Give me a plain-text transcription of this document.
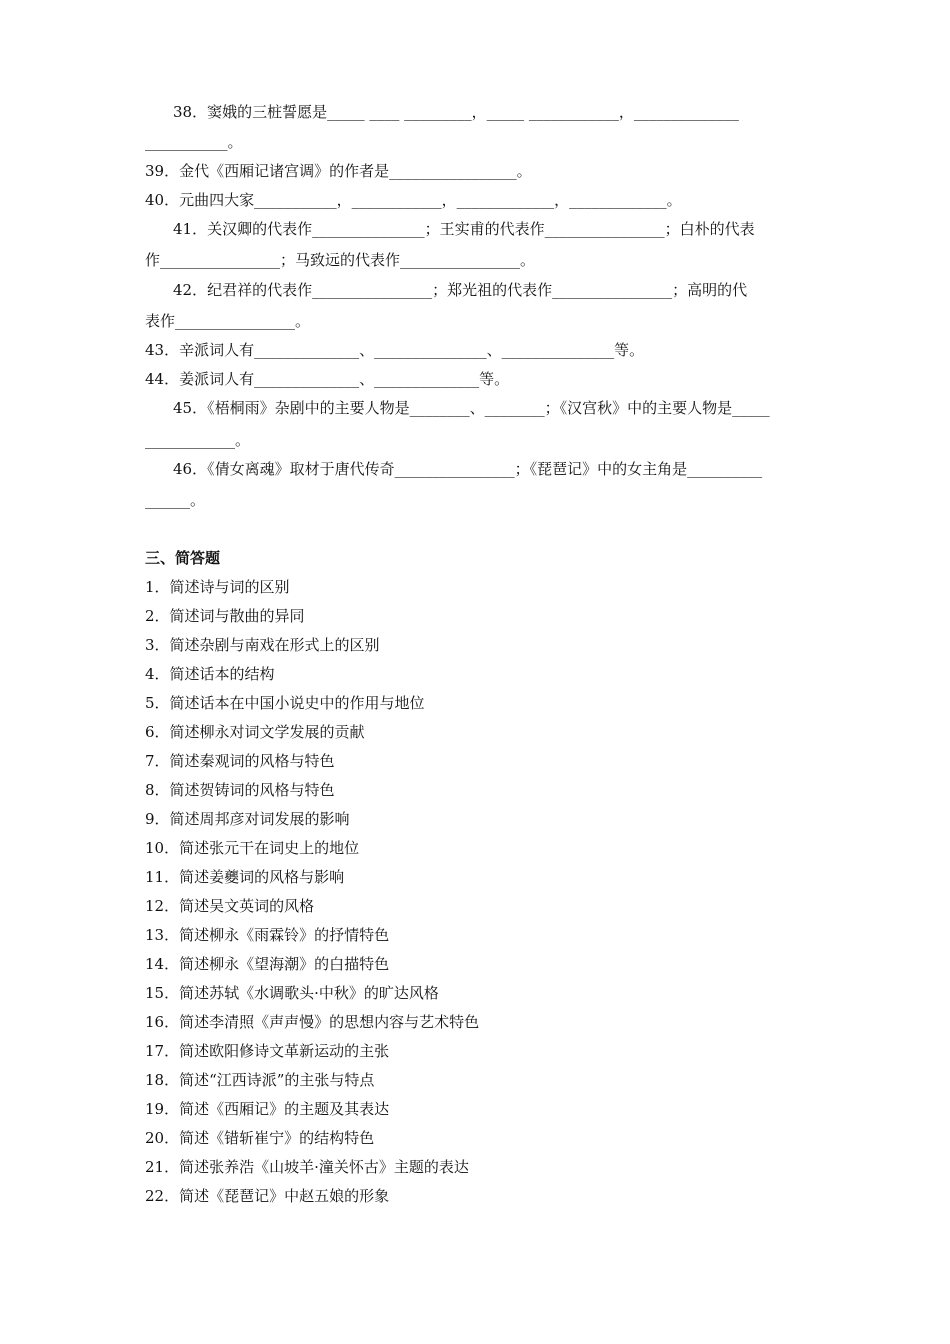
38．窦娥的三桩誓愿是_____ ____ _________，_____ ____________，______________
___________。
39．金代《西厢记诸宫调》的作者是_________________。
40．元曲四大家___________，____________，_____________，_____________。
41．关汉卿的代表作_______________；王实甫的代表作________________；白朴的代表
作________________；马致远的代表作________________。
42．纪君祥的代表作________________；郑光祖的代表作________________；高明的代
表作________________。
43．辛派词人有______________、_______________、_______________等。
44．姜派词人有______________、______________等。
45．《梧桐雨》杂剧中的主要人物是________、________；《汉宫秋》中的主要人物是_____
____________。
46．《倩女离魂》取材于唐代传奇________________；《琵琶记》中的女主角是__________
______。
三、简答题
1．简述诗与词的区别
2．简述词与散曲的异同
3．简述杂剧与南戏在形式上的区别
4．简述话本的结构
5．简述话本在中国小说史中的作用与地位
6．简述柳永对词文学发展的贡献
7．简述秦观词的风格与特色
8．简述贺铸词的风格与特色
9．简述周邦彦对词发展的影响
10．简述张元干在词史上的地位
11．简述姜夔词的风格与影响
12．简述吴文英词的风格
13．简述柳永《雨霖铃》的抒情特色
14．简述柳永《望海潮》的白描特色
15．简述苏轼《水调歌头·中秋》的旷达风格
16．简述李清照《声声慢》的思想内容与艺术特色
17．简述欧阳修诗文革新运动的主张
18．简述“江西诗派”的主张与特点
19．简述《西厢记》的主题及其表达
20．简述《错斩崔宁》的结构特色
21．简述张养浩《山坡羊·潼关怀古》主题的表达
22．简述《琵琶记》中赵五娘的形象
